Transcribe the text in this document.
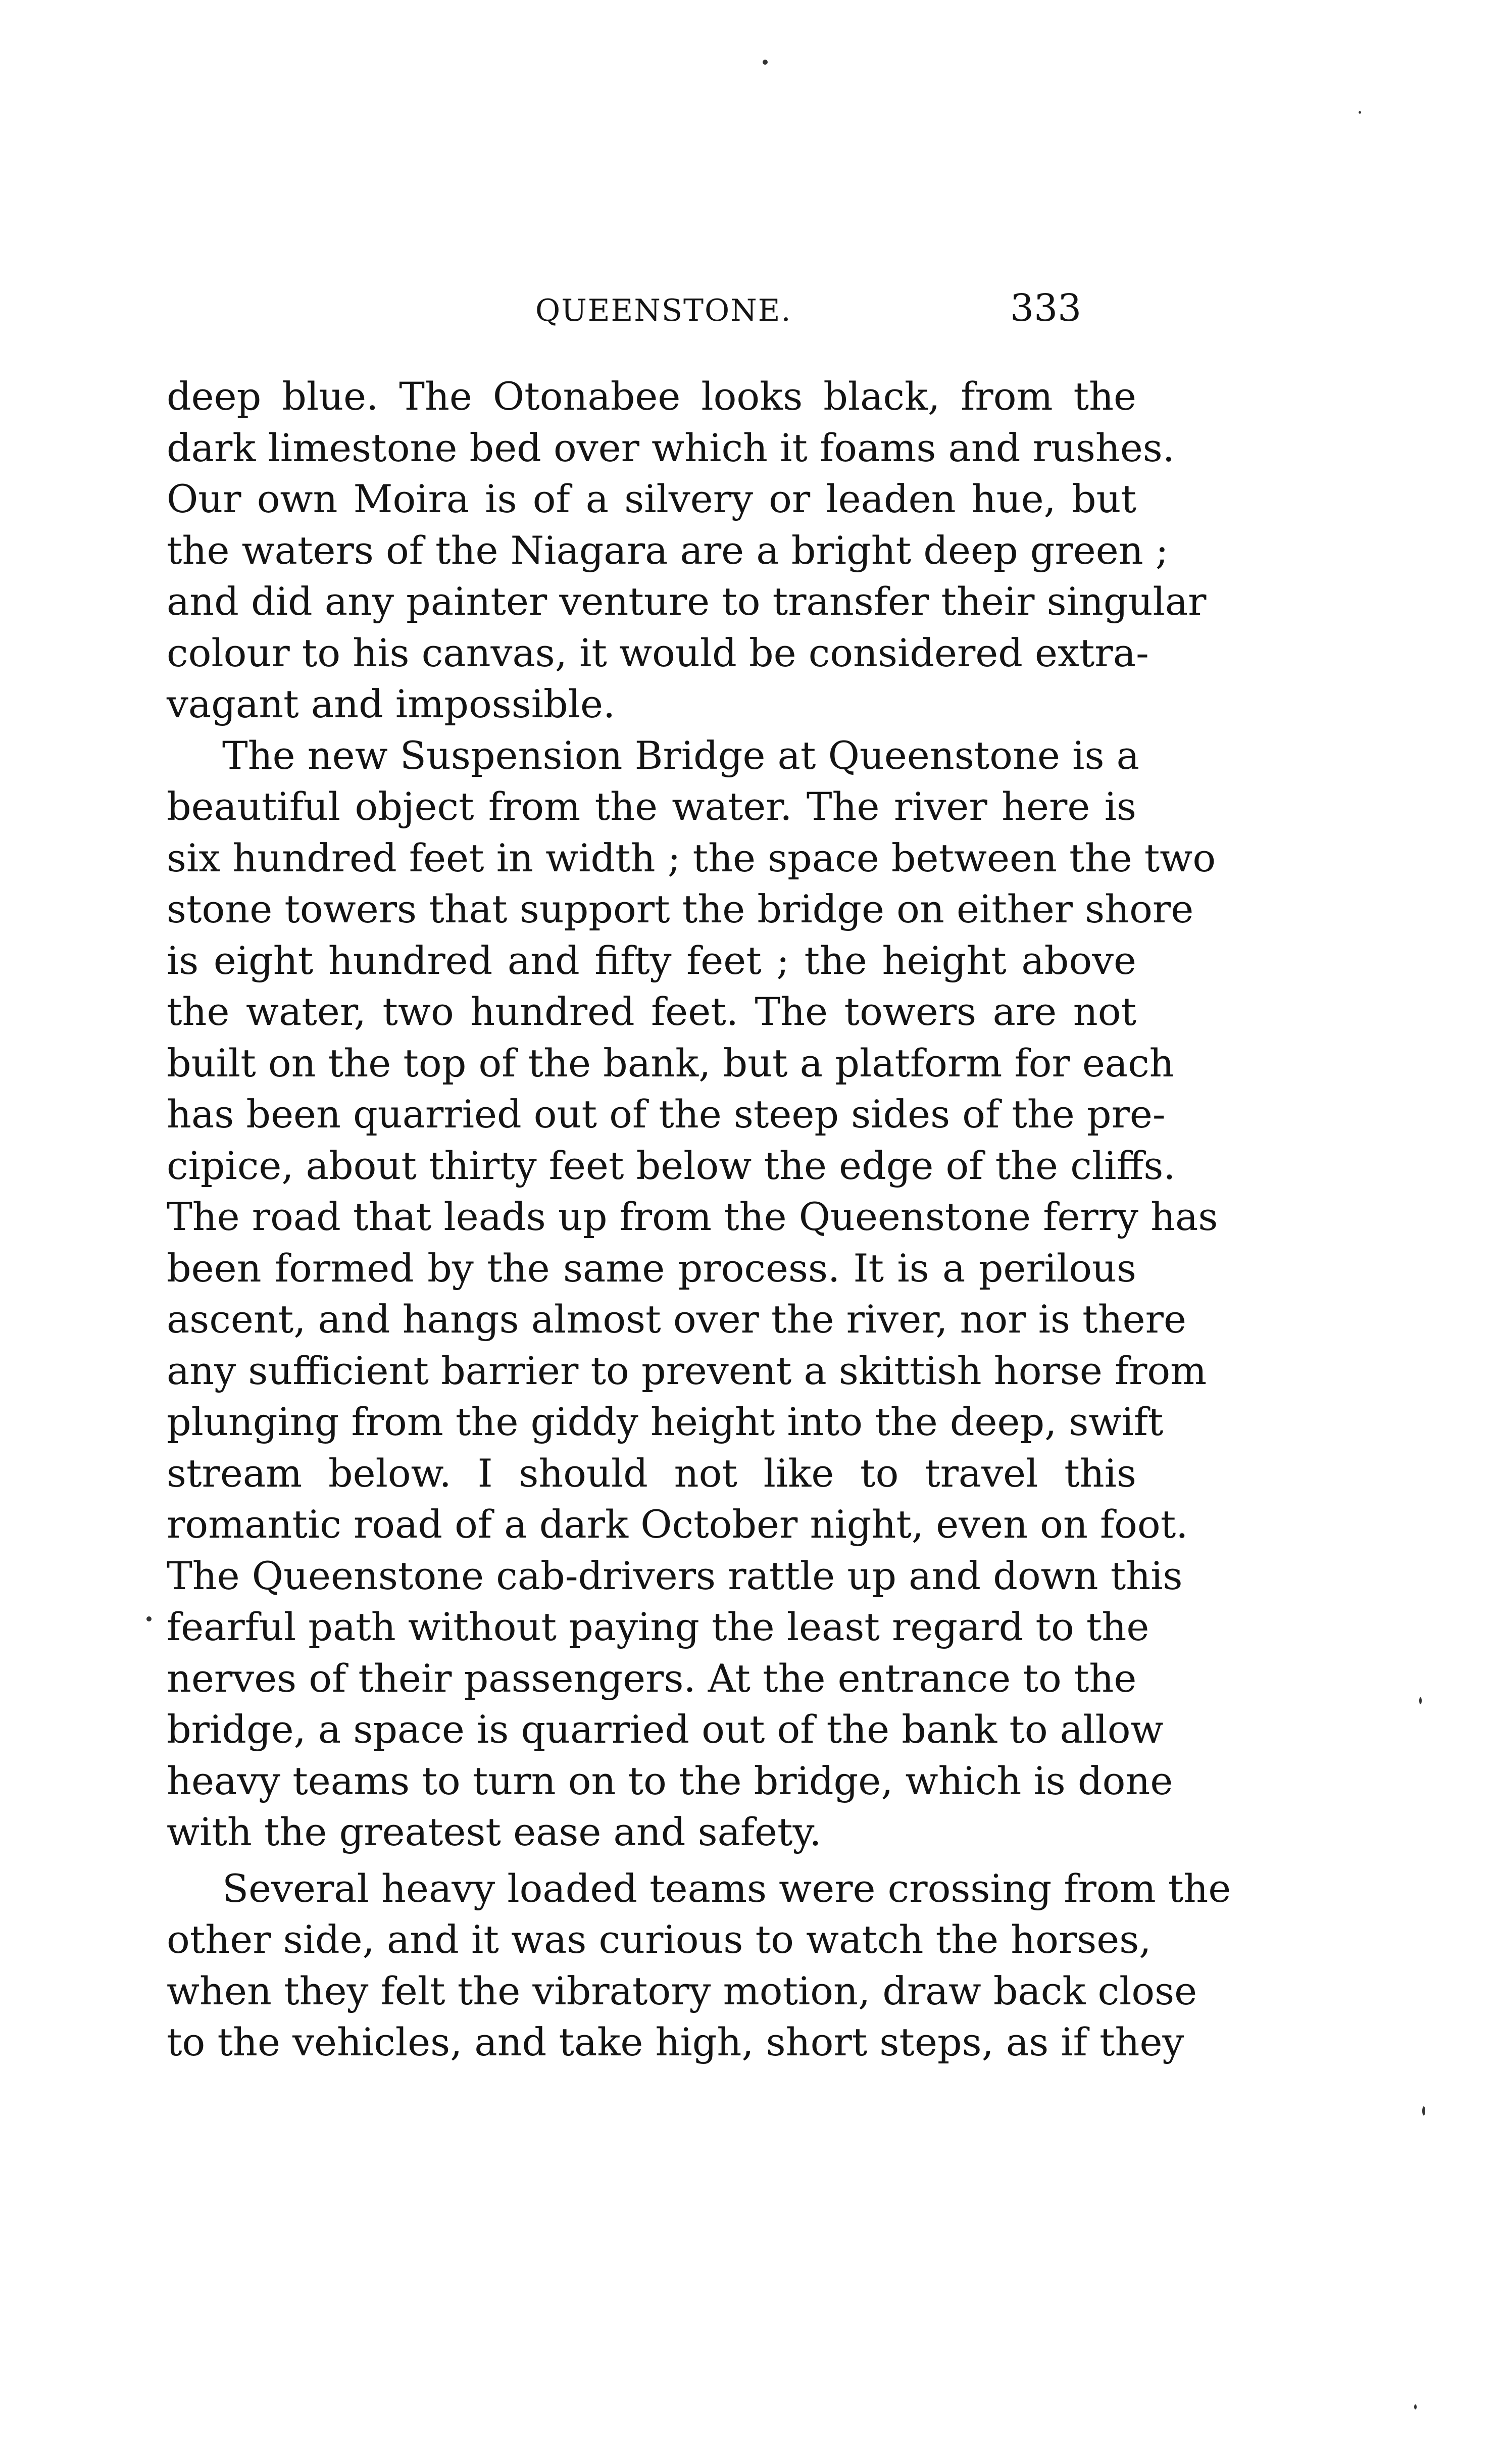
QUEENSTONE.	333
deep blue. The Otonabee looks black, from the
dark limestone bed over which it foams and rushes.
Our own Moira is of a silvery or leaden hue, but
the waters of the Niagara are a bright deep green ;
and did any painter venture to transfer their singular
colour to his canvas, it would be considered extra-
vagant and impossible.
The new Suspension Bridge at Queenstone is a
beautiful object from the water. The river here is
six hundred feet in width ; the space between the two
stone towers that support the bridge on either shore
is eight hundred and fifty feet ; the height above
the water, two hundred feet. The towers are not
built on the top of the bank, but a platform for each
has been quarried out of the steep sides of the pre-
cipice, about thirty feet below the edge of the cliffs.
The road that leads up from the Queenstone ferry has
been formed by the same process. It is a perilous
ascent, and hangs almost over the river, nor is there
any sufficient barrier to prevent a skittish horse from
plunging from the giddy height into the deep, swift
stream below. I should not like to travel this
romantic road of a dark October night, even on foot.
The Queenstone cab-drivers rattle up and down this
fearful path without paying the least regard to the
nerves of their passengers. At the entrance to the
bridge, a space is quarried out of the bank to allow
heavy teams to turn on to the bridge, which is done
with the greatest ease and safety.
Several heavy loaded teams were crossing from the
other side, and it was curious to watch the horses,
when they felt the vibratory motion, draw back close
to the vehicles, and take high, short steps, as if they
